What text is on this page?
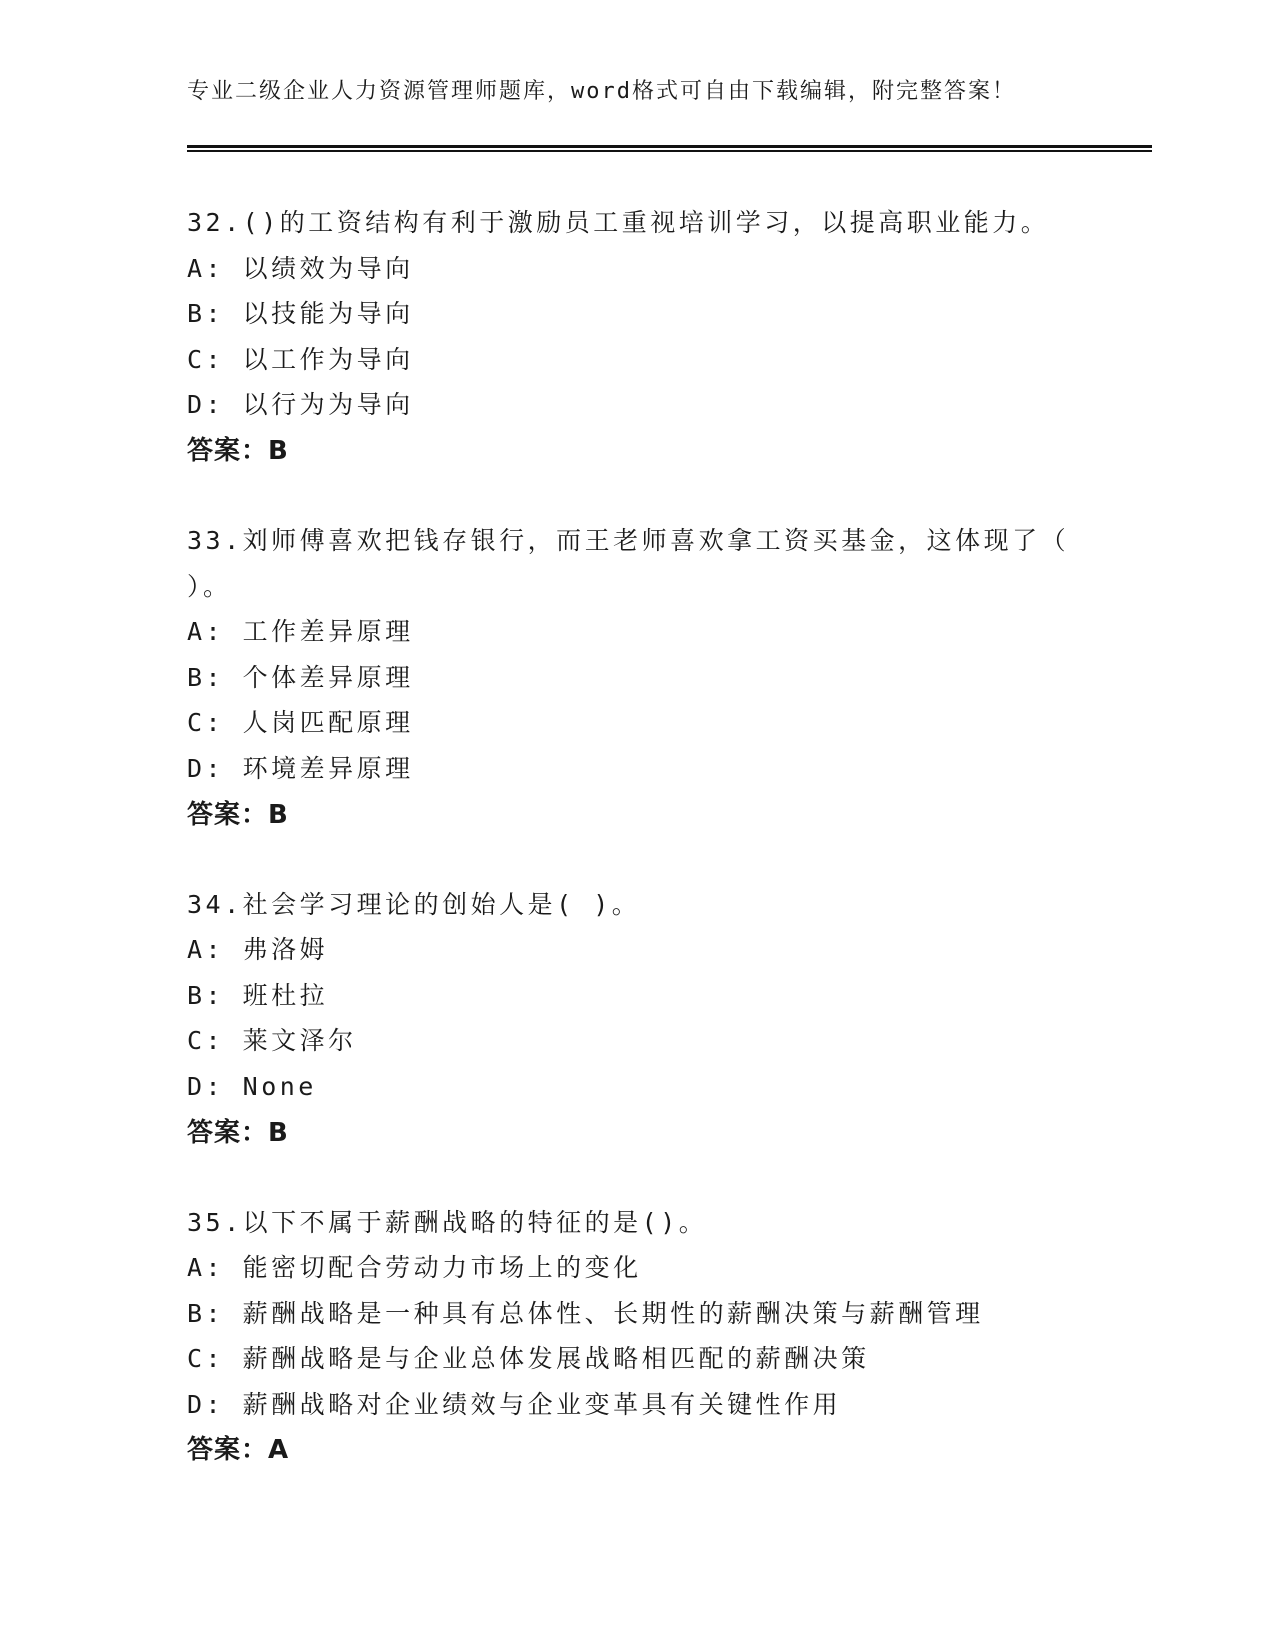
专业二级企业人力资源管理师题库，word格式可自由下载编辑，附完整答案！
32.()的工资结构有利于激励员工重视培训学习，以提高职业能力。
A: 以绩效为导向
B: 以技能为导向
C: 以工作为导向
D: 以行为为导向
答案：B
33.刘师傅喜欢把钱存银行，而王老师喜欢拿工资买基金，这体现了（ ）。
A: 工作差异原理
B: 个体差异原理
C: 人岗匹配原理
D: 环境差异原理
答案：B
34.社会学习理论的创始人是( )。
A: 弗洛姆
B: 班杜拉
C: 莱文泽尔
D: None
答案：B
35.以下不属于薪酬战略的特征的是()。
A: 能密切配合劳动力市场上的变化
B: 薪酬战略是一种具有总体性、长期性的薪酬决策与薪酬管理
C: 薪酬战略是与企业总体发展战略相匹配的薪酬决策
D: 薪酬战略对企业绩效与企业变革具有关键性作用
答案：A
